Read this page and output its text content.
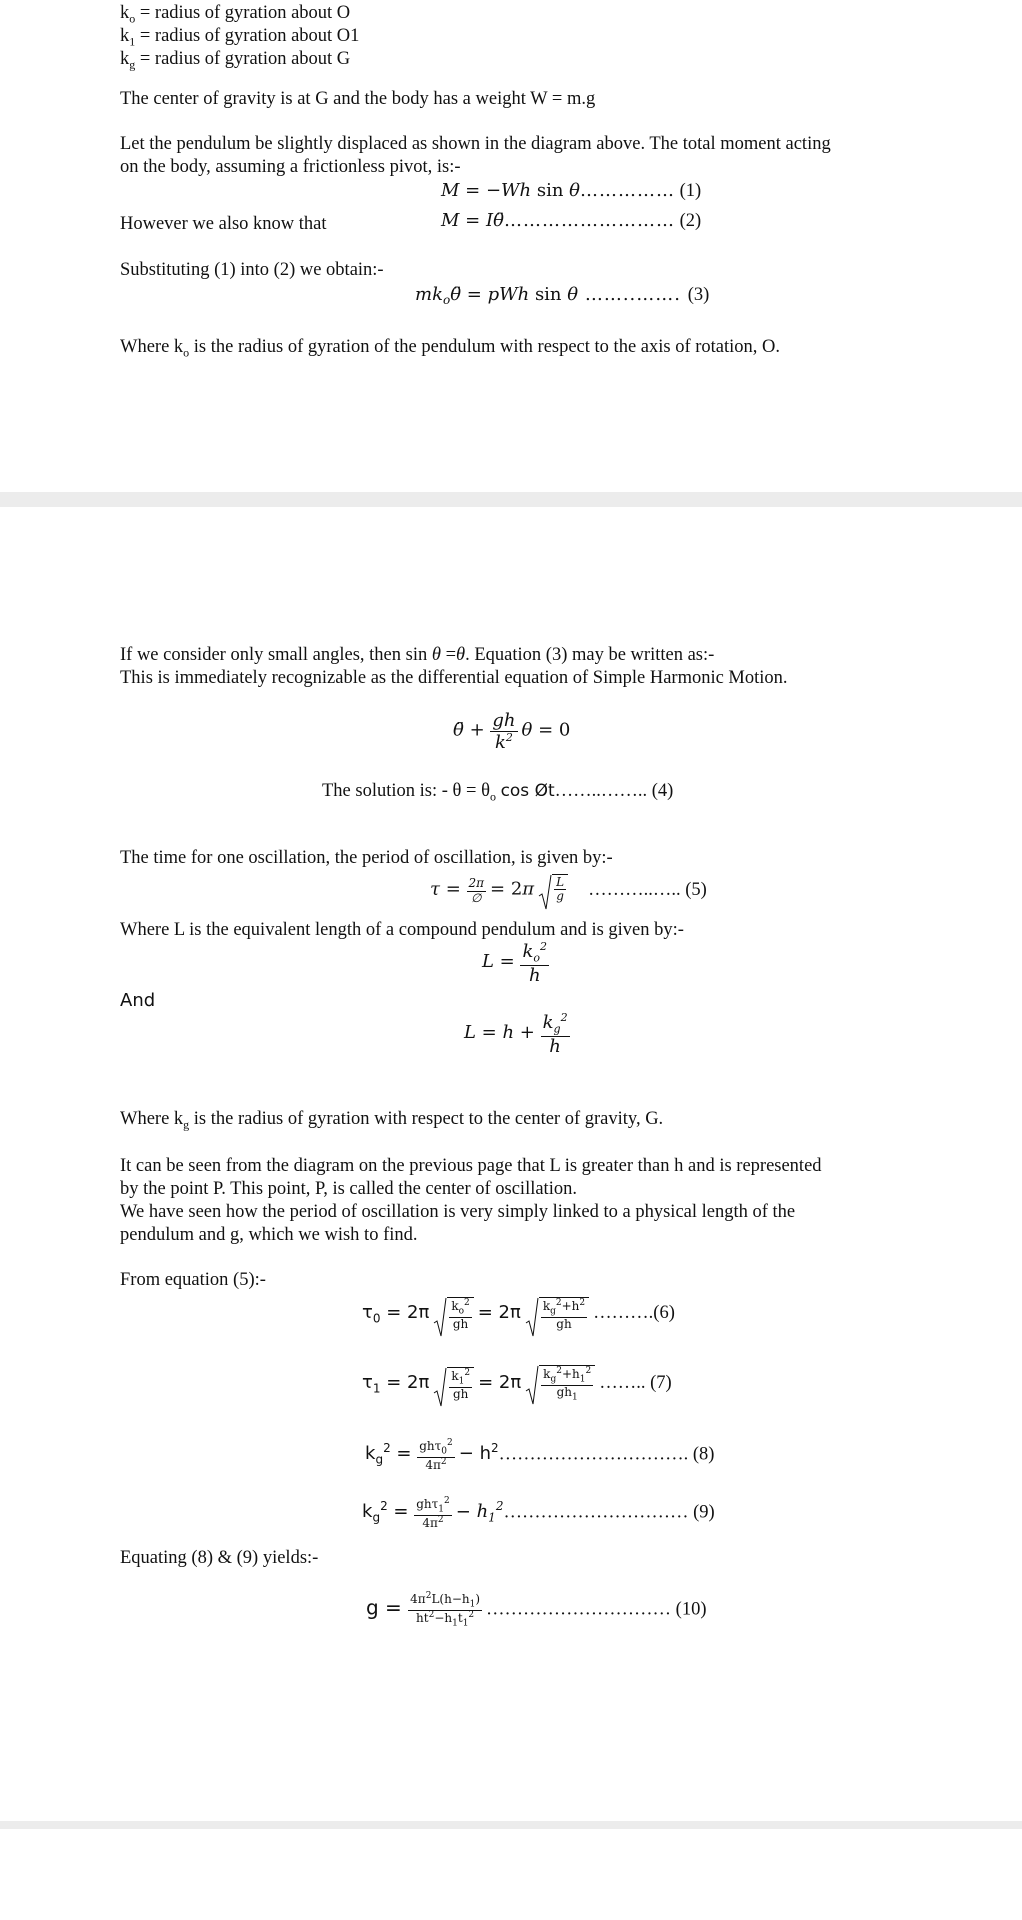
$k_o$ = radius of gyration about O
$k_1$ = radius of gyration about O1
$k_g$ = radius of gyration about G
The center of gravity is at G and the body has a weight W = m.g
Let the pendulum be slightly displaced as shown in the diagram above. The total moment acting
on the body, assuming a frictionless pivot, is:-
M = −Wh sin θ…………… (1)
However we also know that	M = Iθ̈……………………… (2)
Substituting (1) into (2) we obtain:-
$mk_o\thetä$ = pWh sin θ ……..……. (3)
Where $k_o$ is the radius of gyration of the pendulum with respect to the axis of rotation, O.
If we consider only small angles, then sin θ =θ. Equation (3) may be written as:-
This is immediately recognizable as the differential equation of Simple Harmonic Motion.
θ̈ + $\frac{gh}{k^2}$ θ = 0
The solution is: - $\theta = \theta_o$ cos Øt……..…….. (4)
The time for one oscillation, the period of oscillation, is given by:-
$\tau = \frac{2\pi}{\emptyset} = 2\pi \frac{L}{g}$ ………..….. (5)
Where L is the equivalent length of a compound pendulum and is given by:-
$L = \frac{k_o^2}{h}$
And
$L = h + \frac{k_g^2}{h}$
Where $k_g$ is the radius of gyration with respect to the center of gravity, G.
It can be seen from the diagram on the previous page that L is greater than h and is represented
by the point P. This point, P, is called the center of oscillation.
We have seen how the period of oscillation is very simply linked to a physical length of the
pendulum and g, which we wish to find.
From equation (5):-
$\tau_0 = 2\pi \frac{k_o^2}{gh} = 2\pi \frac{k_g^2+h^2}{gh}$ ……….(6)
$\tau_1 = 2\pi \frac{k_1^2}{gh} = 2\pi \frac{k_g^2+h_1^2}{gh_1}$ …….. (7)
$k_g^2 = \frac{gh\tau_0^2}{4\pi^2}$ − $h^2\dots\dots\dots\dots\dots\dots\dots\dots\dots\dots$. (8)
$k_g^2 = \frac{gh\tau_1^2}{4\pi^2}$ − $h_1^2\dots\dots\dots\dots\dots\dots\dots\dots\dots\dots$ (9)
Equating (8) & (9) yields:-
$g = \frac{4\pi^2L(h-h_1)}{ht^2-h_1t_1^2}$ ………………………… (10)
